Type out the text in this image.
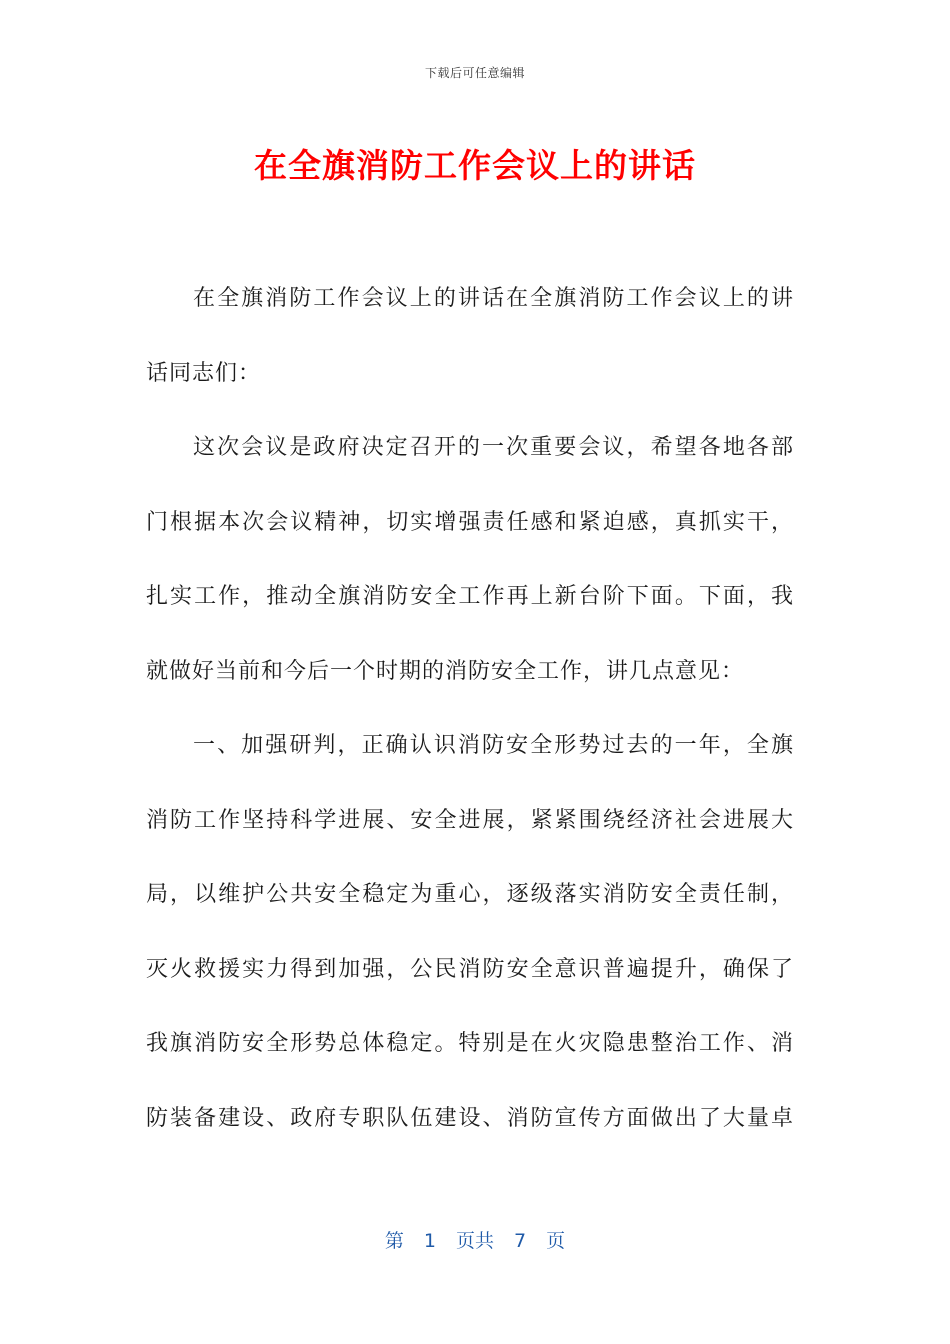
下载后可任意编辑
在全旗消防工作会议上的讲话
在全旗消防工作会议上的讲话在全旗消防工作会议上的讲
话同志们：
这次会议是政府决定召开的一次重要会议，希望各地各部
门根据本次会议精神，切实增强责任感和紧迫感，真抓实干，
扎实工作，推动全旗消防安全工作再上新台阶下面。下面，我
就做好当前和今后一个时期的消防安全工作，讲几点意见：
一、加强研判，正确认识消防安全形势过去的一年，全旗
消防工作坚持科学进展、安全进展，紧紧围绕经济社会进展大
局，以维护公共安全稳定为重心，逐级落实消防安全责任制，
灭火救援实力得到加强，公民消防安全意识普遍提升，确保了
我旗消防安全形势总体稳定。特别是在火灾隐患整治工作、消
防装备建设、政府专职队伍建设、消防宣传方面做出了大量卓
第 1 页共 7 页
